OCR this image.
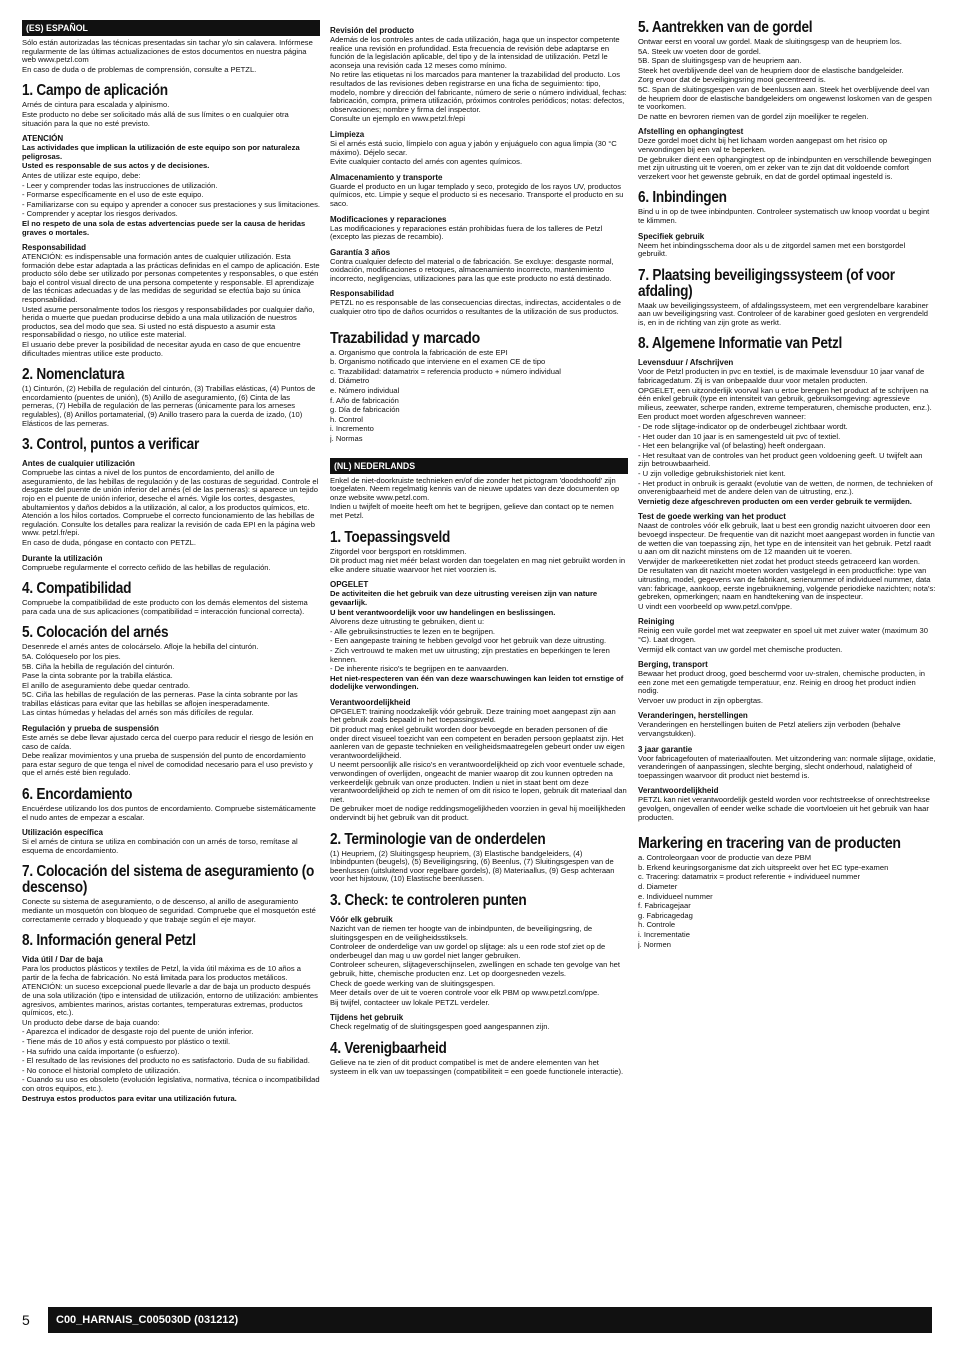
(ES) ESPAÑOL

Sólo están autorizadas las técnicas presentadas sin tachar y/o sin calavera. Infórmese regularmente de las últimas actualizaciones de estos documentos en nuestra página web www.petzl.com

En caso de duda o de problemas de comprensión, consulte a PETZL.

1. Campo de aplicación

Arnés de cintura para escalada y alpinismo.

Este producto no debe ser solicitado más allá de sus límites o en cualquier otra situación para la que no esté previsto.

ATENCIÓN

Las actividades que implican la utilización de este equipo son por naturaleza peligrosas.

Usted es responsable de sus actos y de decisiones.

Antes de utilizar este equipo, debe:

- Leer y comprender todas las instrucciones de utilización.

- Formarse específicamente en el uso de este equipo.

- Familiarizarse con su equipo y aprender a conocer sus prestaciones y sus limitaciones.

- Comprender y aceptar los riesgos derivados.

El no respeto de una sola de estas advertencias puede ser la causa de heridas graves o mortales.

Responsabilidad

ATENCIÓN: es indispensable una formación antes de cualquier utilización. Esta formación debe estar adaptada a las prácticas definidas en el campo de aplicación. Este producto sólo debe ser utilizado por personas competentes y responsables, o que estén bajo el control visual directo de una persona competente y responsable. El aprendizaje de las técnicas adecuadas y de las medidas de seguridad se efectúa bajo su única responsabilidad.

Usted asume personalmente todos los riesgos y responsabilidades por cualquier daño, herida o muerte que puedan producirse debido a una mala utilización de nuestros productos, sea del modo que sea. Si usted no está dispuesto a asumir esta responsabilidad o riesgo, no utilice este material.

El usuario debe prever la posibilidad de necesitar ayuda en caso de que encuentre dificultades mientras utilice este producto.

2. Nomenclatura

(1) Cinturón, (2) Hebilla de regulación del cinturón, (3) Trabillas elásticas, (4) Puntos de encordamiento (puentes de unión), (5) Anillo de aseguramiento, (6) Cinta de las perneras, (7) Hebilla de regulación de las perneras (únicamente para los arneses regulables), (8) Anillos portamaterial, (9) Anillo trasero para la cuerda de izado, (10) Elásticos de las perneras.

3. Control, puntos a verificar
Antes de cualquier utilización

Compruebe las cintas a nivel de los puntos de encordamiento, del anillo de aseguramiento, de las hebillas de regulación y de las costuras de seguridad. Controle el desgaste del puente de unión inferior del arnés (el de las perneras): si aparece un tejido rojo en el puente de unión inferior, deseche el arnés. Vigile los cortes, desgastes, abultamientos y daños debidos a la utilización, al calor, a los productos químicos, etc. Atención a los hilos cortados. Compruebe el correcto funcionamiento de las hebillas de regulación. Consulte los detalles para realizar la revisión de cada EPI en la página web www. petzl.fr/epi.

En caso de duda, póngase en contacto con PETZL.

Durante la utilización

Compruebe regularmente el correcto ceñido de las hebillas de regulación.

4. Compatibilidad

Compruebe la compatibilidad de este producto con los demás elementos del sistema para cada una de sus aplicaciones (compatibilidad = interacción funcional correcta).

5. Colocación del arnés

Desenrede el arnés antes de colocárselo. Afloje la hebilla del cinturón.

5A. Colóqueselo por los pies.

5B. Ciña la hebilla de regulación del cinturón.

Pase la cinta sobrante por la trabilla elástica.

El anillo de aseguramiento debe quedar centrado.

5C. Ciña las hebillas de regulación de las perneras. Pase la cinta sobrante por las trabillas elásticas para evitar que las hebillas se aflojen inesperadamente.

Las cintas húmedas y heladas del arnés son más difíciles de regular.

Regulación y prueba de suspensión

Este arnés se debe llevar ajustado cerca del cuerpo para reducir el riesgo de lesión en caso de caída.

Debe realizar movimientos y una prueba de suspensión del punto de encordamiento para estar seguro de que tenga el nivel de comodidad necesario para el uso previsto y que el arnés esté bien regulado.

6. Encordamiento

Encuérdese utilizando los dos puntos de encordamiento. Compruebe sistemáticamente el nudo antes de empezar a escalar.

Utilización específica

Si el arnés de cintura se utiliza en combinación con un arnés de torso, remítase al esquema de encordamiento.

7. Colocación del sistema de aseguramiento (o descenso)

Conecte su sistema de aseguramiento, o de descenso, al anillo de aseguramiento mediante un mosquetón con bloqueo de seguridad. Compruebe que el mosquetón esté correctamente cerrado y bloqueado y que trabaje según el eje mayor.

8. Información general Petzl
Vida útil / Dar de baja

Para los productos plásticos y textiles de Petzl, la vida útil máxima es de 10 años a partir de la fecha de fabricación. No está limitada para los productos metálicos.

ATENCIÓN: un suceso excepcional puede llevarle a dar de baja un producto después de una sola utilización (tipo e intensidad de utilización, entorno de utilización: ambientes agresivos, ambientes marinos, aristas cortantes, temperaturas extremas, productos químicos, etc.).

Un producto debe darse de baja cuando:

- Aparezca el indicador de desgaste rojo del puente de unión inferior.

- Tiene más de 10 años y está compuesto por plástico o textil.

- Ha sufrido una caída importante (o esfuerzo).

- El resultado de las revisiones del producto no es satisfactorio. Duda de su fiabilidad.

- No conoce el historial completo de utilización.

- Cuando su uso es obsoleto (evolución legislativa, normativa, técnica o incompatibilidad con otros equipos, etc.).

Destruya estos productos para evitar una utilización futura.

Revisión del producto

Además de los controles antes de cada utilización, haga que un inspector competente realice una revisión en profundidad. Esta frecuencia de revisión debe adaptarse en función de la legislación aplicable, del tipo y de la intensidad de utilización. Petzl le aconseja una revisión cada 12 meses como mínimo.

No retire las etiquetas ni los marcados para mantener la trazabilidad del producto. Los resultados de las revisiones deben registrarse en una ficha de seguimiento: tipo, modelo, nombre y dirección del fabricante, número de serie o número individual, fechas: fabricación, compra, primera utilización, próximos controles periódicos; notas: defectos, observaciones; nombre y firma del inspector.

Consulte un ejemplo en www.petzl.fr/epi

Limpieza

Si el arnés está sucio, límpielo con agua y jabón y enjuáguelo con agua limpia (30 °C máximo). Déjelo secar.

Evite cualquier contacto del arnés con agentes químicos.

Almacenamiento y transporte

Guarde el producto en un lugar templado y seco, protegido de los rayos UV, productos químicos, etc. Limpie y seque el producto si es necesario. Transporte el producto en su saco.

Modificaciones y reparaciones

Las modificaciones y reparaciones están prohibidas fuera de los talleres de Petzl (excepto las piezas de recambio).

Garantía 3 años

Contra cualquier defecto del material o de fabricación. Se excluye: desgaste normal, oxidación, modificaciones o retoques, almacenamiento incorrecto, mantenimiento incorrecto, negligencias, utilizaciones para las que este producto no está destinado.

Responsabilidad

PETZL no es responsable de las consecuencias directas, indirectas, accidentales o de cualquier otro tipo de daños ocurridos o resultantes de la utilización de sus productos.

Trazabilidad y marcado

a. Organismo que controla la fabricación de este EPI

b. Organismo notificado que interviene en el examen CE de tipo

c. Trazabilidad: datamatrix = referencia producto + número individual

d. Diámetro

e. Número individual

f. Año de fabricación

g. Día de fabricación

h. Control

i. Incremento

j. Normas

(NL) NEDERLANDS

Enkel de niet-doorkruiste technieken en/of die zonder het pictogram 'doodshoofd' zijn toegelaten. Neem regelmatig kennis van de nieuwe updates van deze documenten op onze website www.petzl.com.

Indien u twijfelt of moeite heeft om het te begrijpen, gelieve dan contact op te nemen met Petzl.

1. Toepassingsveld

Zitgordel voor bergsport en rotsklimmen.

Dit product mag niet méér belast worden dan toegelaten en mag niet gebruikt worden in elke andere situatie waarvoor het niet voorzien is.

OPGELET

De activiteiten die het gebruik van deze uitrusting vereisen zijn van nature gevaarlijk.

U bent verantwoordelijk voor uw handelingen en beslissingen.

Alvorens deze uitrusting te gebruiken, dient u:

- Alle gebruiksinstructies te lezen en te begrijpen.

- Een aangepaste training te hebben gevolgd voor het gebruik van deze uitrusting.

- Zich vertrouwd te maken met uw uitrusting; zijn prestaties en beperkingen te leren kennen.

- De inherente risico's te begrijpen en te aanvaarden.

Het niet-respecteren van één van deze waarschuwingen kan leiden tot ernstige of dodelijke verwondingen.

Verantwoordelijkheid

OPGELET: training noodzakelijk vóór gebruik. Deze training moet aangepast zijn aan het gebruik zoals bepaald in het toepassingsveld.

Dit product mag enkel gebruikt worden door bevoegde en beraden personen of die onder direct visueel toezicht van een competent en beraden persoon geplaatst zijn. Het aanleren van de gepaste technieken en veiligheidsmaatregelen gebeurt onder uw eigen verantwoordelijkheid.

U neemt persoonlijk alle risico's en verantwoordelijkheid op zich voor eventuele schade, verwondingen of overlijden, ongeacht de manier waarop dit zou kunnen optreden na verkeerdelijk gebruik van onze producten. Indien u niet in staat bent om deze verantwoordelijkheid op zich te nemen of om dit risico te lopen, gebruik dit materiaal dan niet.

De gebruiker moet de nodige reddingsmogelijkheden voorzien in geval hij moeilijkheden ondervindt bij het gebruik van dit product.

2. Terminologie van de onderdelen

(1) Heupriem, (2) Sluitingsgesp heupriem, (3) Elastische bandgeleiders, (4) Inbindpunten (beugels), (5) Beveiligingsring, (6) Beenlus, (7) Sluitingsgespen van de beenlussen (uitsluitend voor regelbare gordels), (8) Materiaallus, (9) Gesp achteraan voor het hijstouw, (10) Elastische beenlussen.

3. Check: te controleren punten
Vóór elk gebruik

Nazicht van de riemen ter hoogte van de inbindpunten, de beveiligingsring, de sluitingsgespen en de veiligheidsstiksels.

Controleer de onderdelige van uw gordel op slijtage: als u een rode stof ziet op de onderbeugel dan mag u uw gordel niet langer gebruiken.

Controleer scheuren, slijtageverschijnselen, zwellingen en schade ten gevolge van het gebruik, hitte, chemische producten enz. Let op doorgesneden vezels.

Check de goede werking van de sluitingsgespen.

Meer details over de uit te voeren controle voor elk PBM op www.petzl.com/ppe.

Bij twijfel, contacteer uw lokale PETZL verdeler.

Tijdens het gebruik

Check regelmatig of de sluitingsgespen goed aangespannen zijn.

4. Verenigbaarheid

Gelieve na te zien of dit product compatibel is met de andere elementen van het systeem in elk van uw toepassingen (compatibiliteit = een goede functionele interactie).

5. Aantrekken van de gordel

Ontwar eerst en vooral uw gordel. Maak de sluitingsgesp van de heupriem los.

5A. Steek uw voeten door de gordel.

5B. Span de sluitingsgesp van de heupriem aan.

Steek het overblijvende deel van de heupriem door de elastische bandgeleider.

Zorg ervoor dat de beveiligingsring mooi gecentreerd is.

5C. Span de sluitingsgespen van de beenlussen aan. Steek het overblijvende deel van de heupriem door de elastische bandgeleiders om ongewenst loskomen van de gespen te voorkomen.

De natte en bevroren riemen van de gordel zijn moeilijker te regelen.

Afstelling en ophangingtest

Deze gordel moet dicht bij het lichaam worden aangepast om het risico op verwondingen bij een val te beperken.

De gebruiker dient een ophangingtest op de inbindpunten en verschillende bewegingen met zijn uitrusting uit te voeren, om er zeker van te zijn dat dit voldoende comfort verzekert voor het gewenste gebruik, en dat de gordel optimaal ingesteld is.

6. Inbindingen

Bind u in op de twee inbindpunten. Controleer systematisch uw knoop voordat u begint te klimmen.

Specifiek gebruik

Neem het inbindingsschema door als u de zitgordel samen met een borstgordel gebruikt.

7. Plaatsing beveiligingssysteem (of voor afdaling)

Maak uw beveiligingssysteem, of afdalingssysteem, met een vergrendelbare karabiner aan uw beveiligingsring vast. Controleer of de karabiner goed gesloten en vergrendeld is, en in de richting van zijn grote as werkt.

8. Algemene Informatie van Petzl
Levensduur / Afschrijven

Voor de Petzl producten in pvc en textiel, is de maximale levensduur 10 jaar vanaf de fabricagedatum. Zij is van onbepaalde duur voor metalen producten.

OPGELET, een uitzonderlijk voorval kan u ertoe brengen het product af te schrijven na één enkel gebruik (type en intensiteit van gebruik, gebruiksomgeving: agressieve milieus, zeewater, scherpe randen, extreme temperaturen, chemische producten, enz.).

Een product moet worden afgeschreven wanneer:

- De rode slijtage-indicator op de onderbeugel zichtbaar wordt.

- Het ouder dan 10 jaar is en samengesteld uit pvc of textiel.

- Het een belangrijke val (of belasting) heeft ondergaan.

- Het resultaat van de controles van het product geen voldoening geeft. U twijfelt aan zijn betrouwbaarheid.

- U zijn volledige gebruikshistoriek niet kent.

- Het product in onbruik is geraakt (evolutie van de wetten, de normen, de technieken of onverenigbaarheid met de andere delen van de uitrusting, enz.).

Vernietig deze afgeschreven producten om een verder gebruik te vermijden.

Test de goede werking van het product

Naast de controles vóór elk gebruik, laat u best een grondig nazicht uitvoeren door een bevoegd inspecteur. De frequentie van dit nazicht moet aangepast worden in functie van de wetten die van toepassing zijn, het type en de intensiteit van het gebruik. Petzl raadt u aan om dit nazicht minstens om de 12 maanden uit te voeren.

Verwijder de markeeretiketten niet zodat het product steeds getraceerd kan worden.

De resultaten van dit nazicht moeten worden vastgelegd in een productfiche: type van uitrusting, model, gegevens van de fabrikant, serienummer of individueel nummer, data van: fabricage, aankoop, eerste ingebruikneming, volgende periodieke nazichten; nota's: gebreken, opmerkingen; naam en handtekening van de inspecteur.

U vindt een voorbeeld op www.petzl.com/ppe.

Reiniging

Reinig een vuile gordel met wat zeepwater en spoel uit met zuiver water (maximum 30 °C). Laat drogen.

Vermijd elk contact van uw gordel met chemische producten.

Berging, transport

Bewaar het product droog, goed beschermd voor uv-stralen, chemische producten, in een zone met een gematigde temperatuur, enz. Reinig en droog het product indien nodig.

Vervoer uw product in zijn opbergtas.

Veranderingen, herstellingen

Veranderingen en herstellingen buiten de Petzl ateliers zijn verboden (behalve vervangstukken).

3 jaar garantie

Voor fabricagefouten of materiaalfouten. Met uitzondering van: normale slijtage, oxidatie, veranderingen of aanpassingen, slechte berging, slecht onderhoud, nalatigheid of toepassingen waarvoor dit product niet bestemd is.

Verantwoordelijkheid

PETZL kan niet verantwoordelijk gesteld worden voor rechtstreekse of onrechtstreekse gevolgen, ongevallen of eender welke schade die voortvloeien uit het gebruik van haar producten.

Markering en tracering van de producten

a. Controleorgaan voor de productie van deze PBM

b. Erkend keuringsorganisme dat zich uitspreekt over het EC type-examen

c. Tracering: datamatrix = product referentie + individueel nummer

d. Diameter

e. Individueel nummer

f. Fabricagejaar

g. Fabricagedag

h. Controle

i. Incrementatie

j. Normen

5	C00_HARNAIS_C005030D (031212)
